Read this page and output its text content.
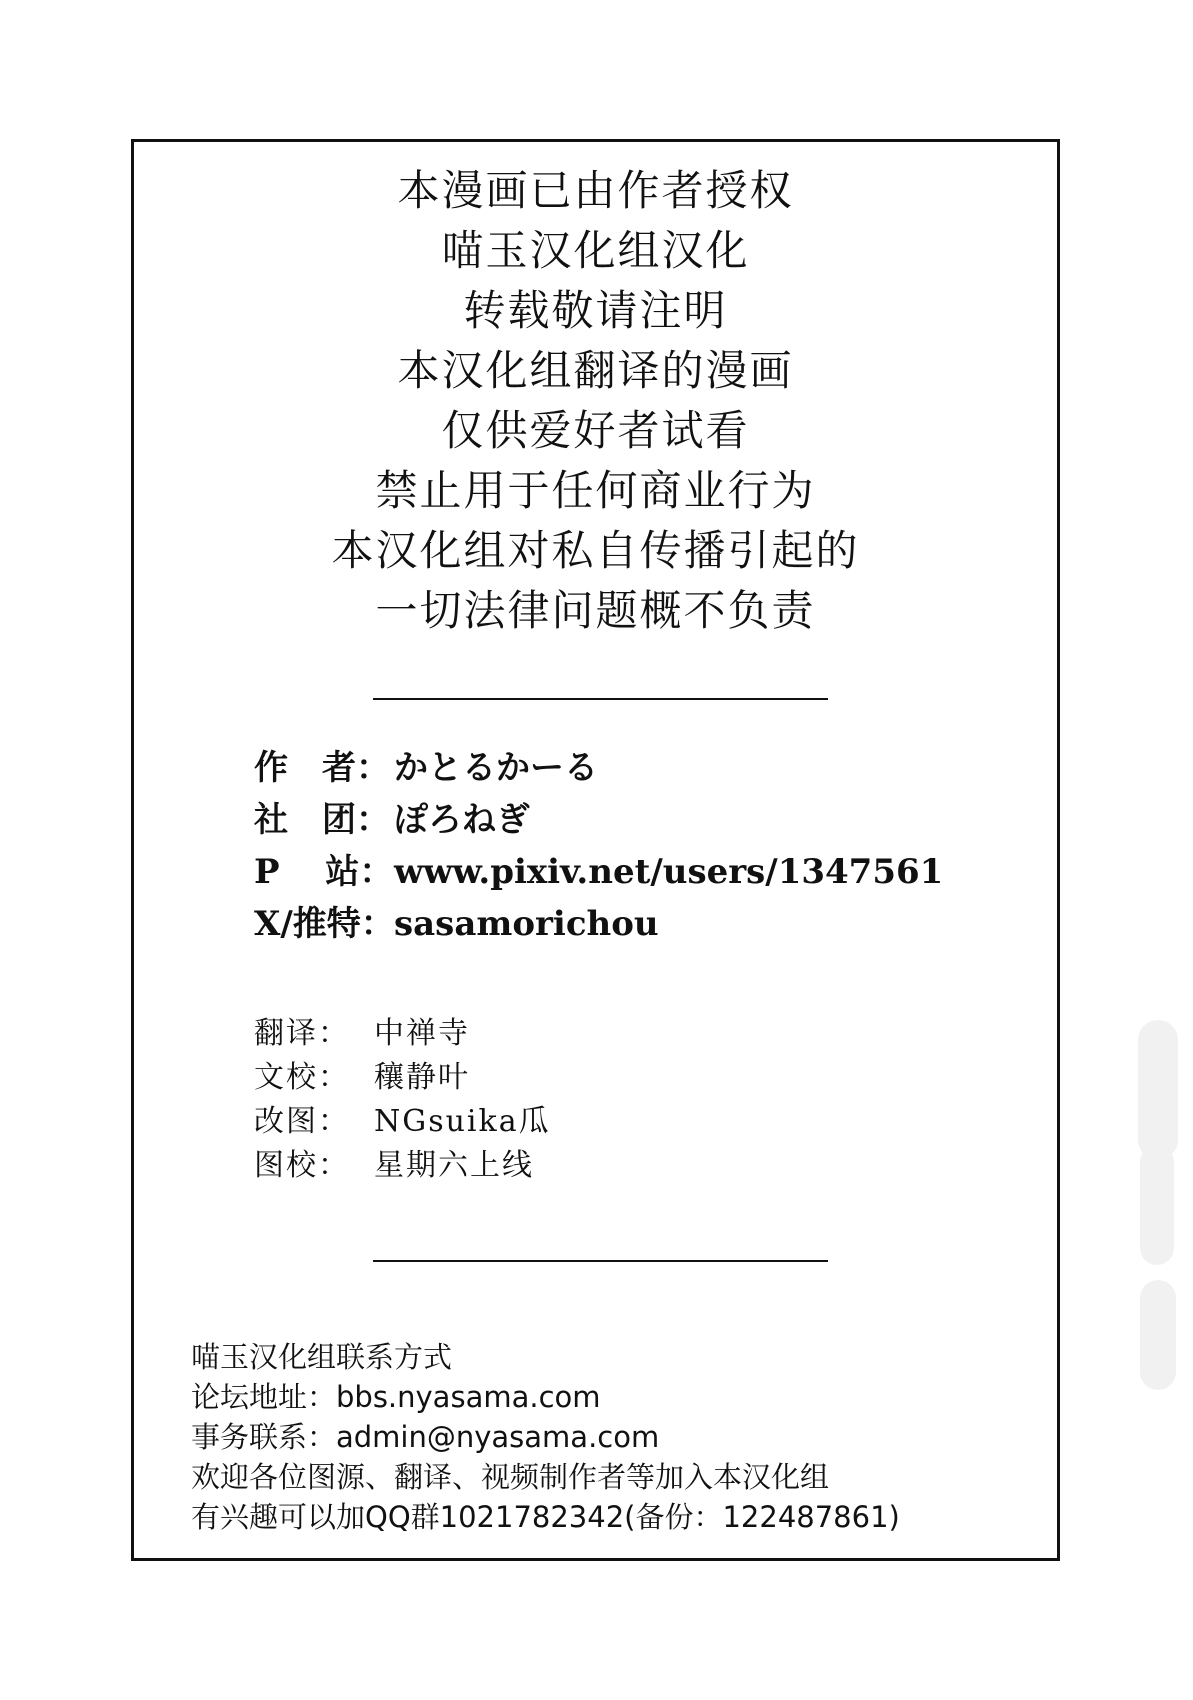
本漫画已由作者授权
喵玉汉化组汉化
转载敬请注明
本汉化组翻译的漫画
仅供爱好者试看
禁止用于任何商业行为
本汉化组对私自传播引起的
一切法律问题概不负责
作　者： かとるかーる
社　团： ぽろねぎ
P　 站：www.pixiv.net/users/1347561
X/推特：sasamorichou
翻译： 中禅寺
文校： 穰静叶
改图： NGsuika瓜
图校： 星期六上线
喵玉汉化组联系方式
论坛地址：bbs.nyasama.com
事务联系：admin@nyasama.com
欢迎各位图源、翻译、视频制作者等加入本汉化组
有兴趣可以加QQ群1021782342(备份：122487861)
